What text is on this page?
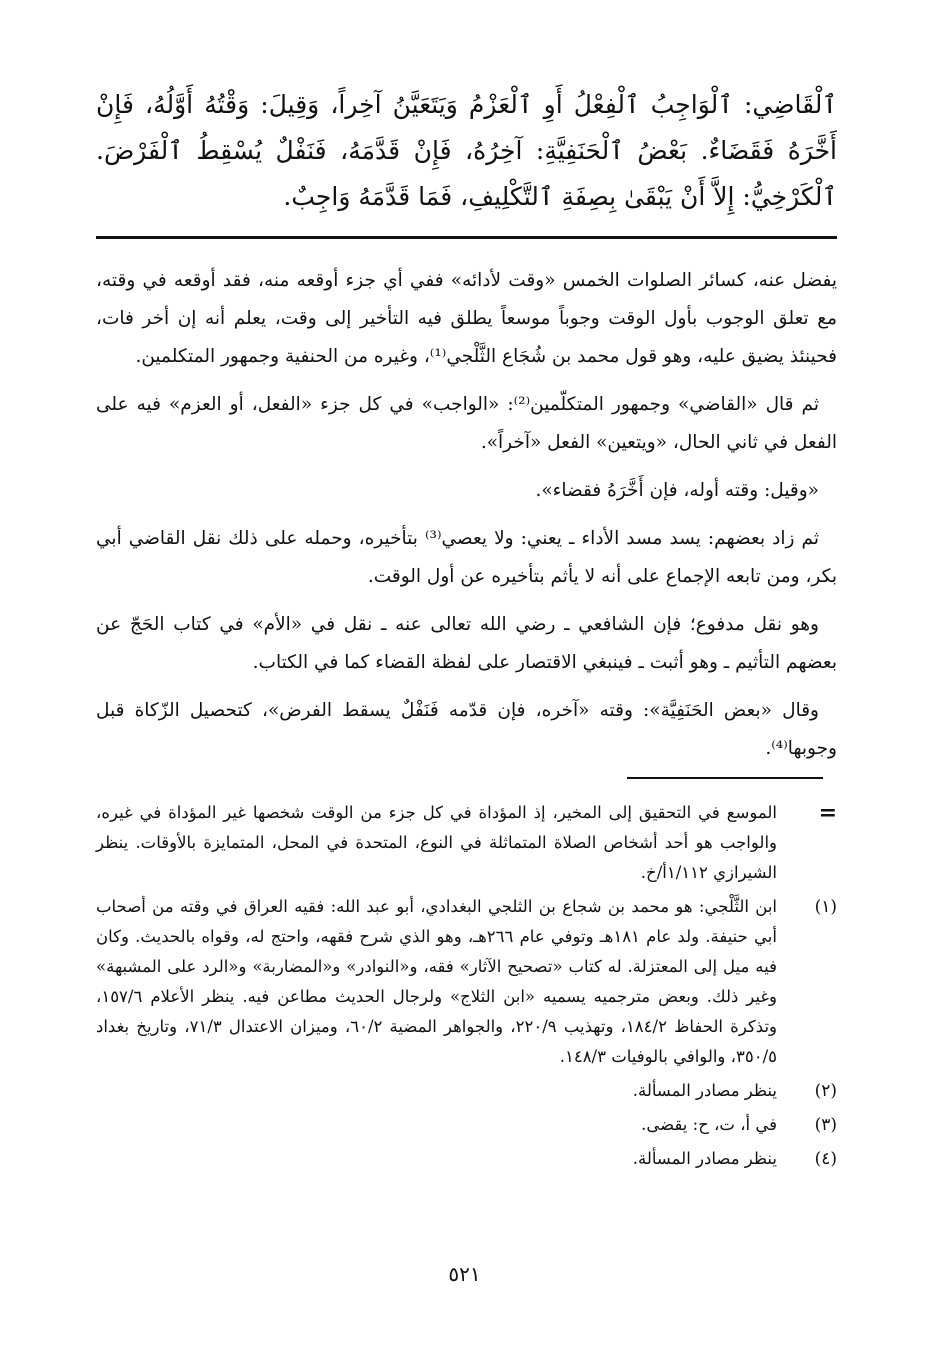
ٱلْقَاضِي: ٱلْوَاجِبُ ٱلْفِعْلُ أَوِ ٱلْعَزْمُ وَيَتَعَيَّنُ آخِراً، وَقِيلَ: وَقْتُهُ أَوَّلُهُ، فَإِنْ أَخَّرَهُ فَقَضَاءٌ. بَعْضُ ٱلْحَنَفِيَّةِ: آخِرُهُ، فَإِنْ قَدَّمَهُ، فَنَفْلٌ يُسْقِطُ ٱلْفَرْضَ. ٱلْكَرْخِيُّ: إِلاَّ أَنْ يَبْقَىٰ بِصِفَةِ ٱلتَّكْلِيفِ، فَمَا قَدَّمَهُ وَاجِبٌ.

يفضل عنه، كسائر الصلوات الخمس «وقت لأدائه» ففي أي جزء أوقعه منه، فقد أوقعه في وقته، مع تعلق الوجوب بأول الوقت وجوباً موسعاً يطلق فيه التأخير إلى وقت، يعلم أنه إن أخر فات، فحينئذ يضيق عليه، وهو قول محمد بن شُجَاع الثَّلْجي⁽¹⁾، وغيره من الحنفية وجمهور المتكلمين.

ثم قال «القاضي» وجمهور المتكلّمين⁽²⁾: «الواجب» في كل جزء «الفعل، أو العزم» فيه على الفعل في ثاني الحال، «ويتعين» الفعل «آخراً».

«وقيل: وقته أوله، فإن أَخَّرَهُ فقضاء».

ثم زاد بعضهم: يسد مسد الأداء ـ يعني: ولا يعصي⁽³⁾ بتأخيره، وحمله على ذلك نقل القاضي أبي بكر، ومن تابعه الإجماع على أنه لا يأثم بتأخيره عن أول الوقت.

وهو نقل مدفوع؛ فإن الشافعي ـ رضي الله تعالى عنه ـ نقل في «الأم» في كتاب الحَجّ عن بعضهم التأثيم ـ وهو أثبت ـ فينبغي الاقتصار على لفظة القضاء كما في الكتاب.

وقال «بعض الحَنَفِيَّة»: وقته «آخره، فإن قدّمه فَنَفْلٌ يسقط الفرض»، كتحصيل الزّكاة قبل وجوبها⁽⁴⁾.

=
الموسع في التحقيق إلى المخير، إذ المؤداة في كل جزء من الوقت شخصها غير المؤداة في غيره، والواجب هو أحد أشخاص الصلاة المتماثلة في النوع، المتحدة في المحل، المتمايزة بالأوقات. ينظر الشيرازي ١/١١٢أ/خ.
(١)
ابن الثَّلْجي: هو محمد بن شجاع بن الثلجي البغدادي، أبو عبد الله: فقيه العراق في وقته من أصحاب أبي حنيفة. ولد عام ١٨١هـ وتوفي عام ٢٦٦هـ، وهو الذي شرح فقهه، واحتج له، وقواه بالحديث. وكان فيه ميل إلى المعتزلة. له كتاب «تصحيح الآثار» فقه، و«النوادر» و«المضاربة» و«الرد على المشبهة» وغير ذلك. وبعض مترجميه يسميه «ابن الثلاج» ولرجال الحديث مطاعن فيه. ينظر الأعلام ١٥٧/٦، وتذكرة الحفاظ ١٨٤/٢، وتهذيب ٢٢٠/٩، والجواهر المضية ٦٠/٢، وميزان الاعتدال ٧١/٣، وتاريخ بغداد ٣٥٠/٥، والوافي بالوفيات ١٤٨/٣.
(٢)
ينظر مصادر المسألة.
(٣)
في أ، ت، ح: يقضى.
(٤)
ينظر مصادر المسألة.
٥٢١
